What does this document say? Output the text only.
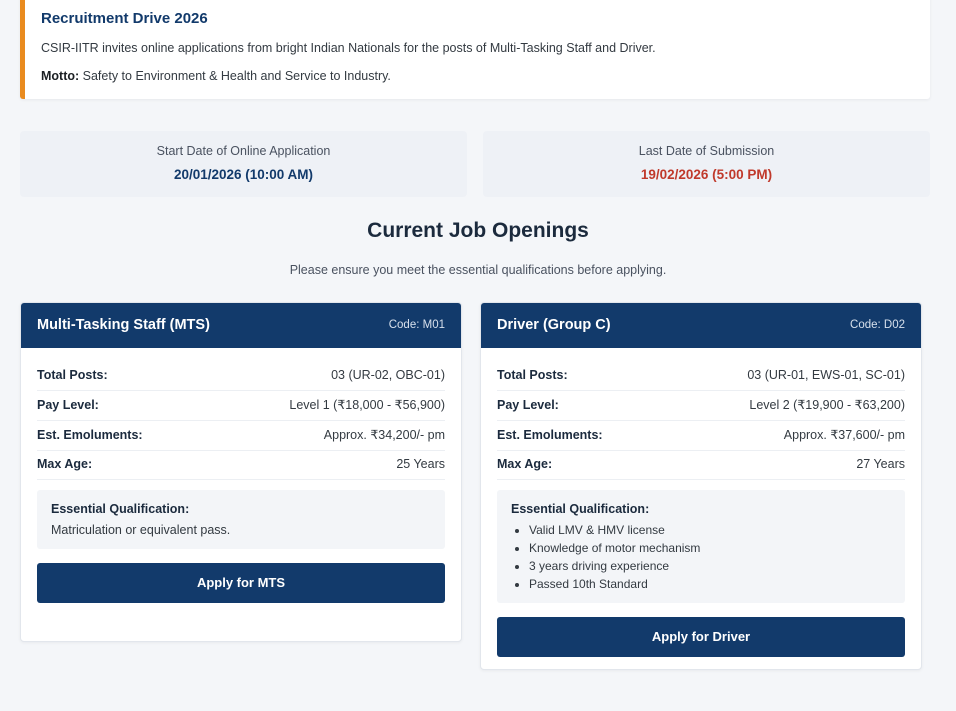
Recruitment Drive 2026

CSIR-IITR invites online applications from bright Indian Nationals for the posts of Multi-Tasking Staff and Driver.

Motto: Safety to Environment & Health and Service to Industry.

Start Date of Online Application
20/01/2026 (10:00 AM)
Last Date of Submission
19/02/2026 (5:00 PM)
Current Job Openings
Please ensure you meet the essential qualifications before applying.
Multi-Tasking Staff (MTS)	Code: M01
Total Posts:	03 (UR-02, OBC-01)
Pay Level:	Level 1 (₹18,000 - ₹56,900)
Est. Emoluments:	Approx. ₹34,200/- pm
Max Age:	25 Years
Essential Qualification:
Matriculation or equivalent pass.
Apply for MTS
Driver (Group C)	Code: D02
Total Posts:	03 (UR-01, EWS-01, SC-01)
Pay Level:	Level 2 (₹19,900 - ₹63,200)
Est. Emoluments:	Approx. ₹37,600/- pm
Max Age:	27 Years
Essential Qualification:
• Valid LMV & HMV license
• Knowledge of motor mechanism
• 3 years driving experience
• Passed 10th Standard
Apply for Driver
